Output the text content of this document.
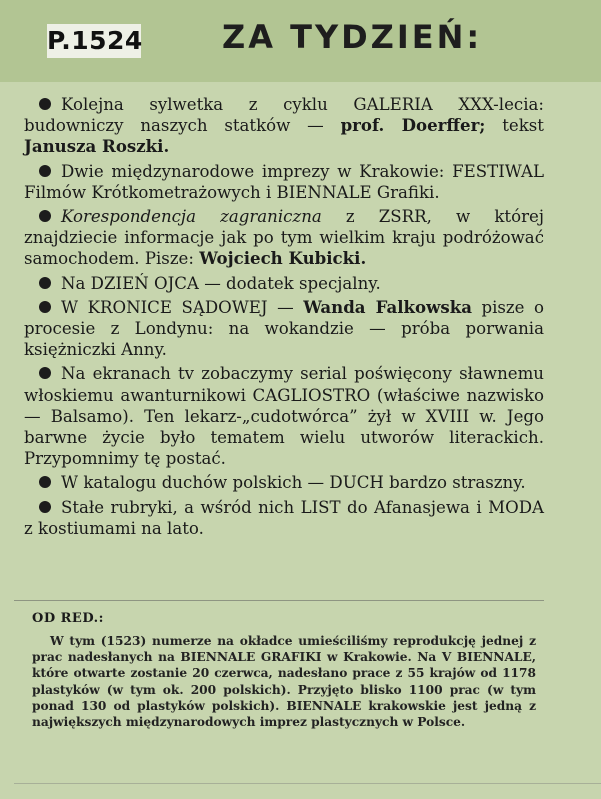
P.1524 ZA TYDZIEŃ:
Kolejna sylwetka z cyklu GALERIA XXX-lecia: budowniczy naszych statków — prof. Doerffer; tekst Janusza Roszki.
Dwie międzynarodowe imprezy w Krakowie: FESTIWAL Filmów Krótkometrażowych i BIENNALE Grafiki.
Korespondencja zagraniczna z ZSRR, w której znajdziecie informacje jak po tym wielkim kraju podróżować samochodem. Pisze: Wojciech Kubicki.
Na DZIEŃ OJCA — dodatek specjalny.
W KRONICE SĄDOWEJ — Wanda Falkowska pisze o procesie z Londynu: na wokandzie — próba porwania księżniczki Anny.
Na ekranach tv zobaczymy serial poświęcony sławnemu włoskiemu awanturnikowi CAGLIOSTRO (właściwe nazwisko — Balsamo). Ten lekarz-„cudotwórca” żył w XVIII w. Jego barwne życie było tematem wielu utworów literackich. Przypomnimy tę postać.
W katalogu duchów polskich — DUCH bardzo straszny.
Stałe rubryki, a wśród nich LIST do Afanasjewa i MODA z kostiumami na lato.
OD RED.:
W tym (1523) numerze na okładce umieściliśmy reprodukcję jednej z prac nadesłanych na BIENNALE GRAFIKI w Krakowie. Na V BIENNALE, które otwarte zostanie 20 czerwca, nadesłano prace z 55 krajów od 1178 plastyków (w tym ok. 200 polskich). Przyjęto blisko 1100 prac (w tym ponad 130 od plastyków polskich). BIENNALE krakowskie jest jedną z największych międzynarodowych imprez plastycznych w Polsce.
